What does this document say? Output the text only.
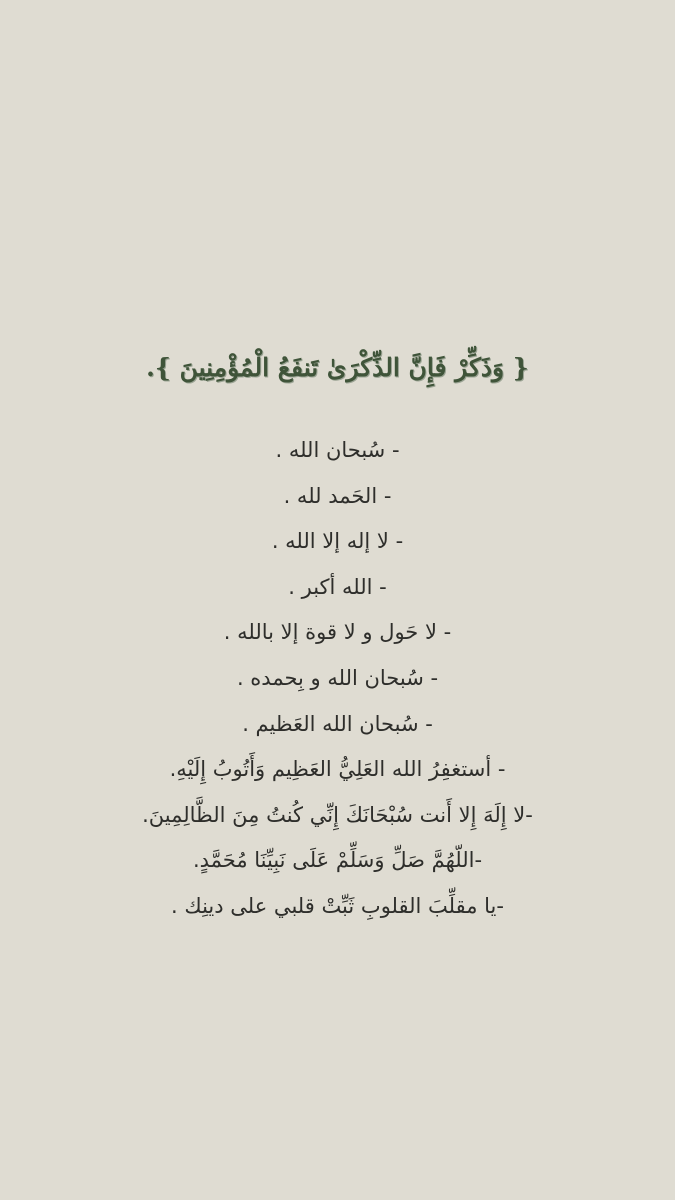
{ وَذَكِّرْ فَإِنَّ الذِّكْرَىٰ تَنفَعُ الْمُؤْمِنِينَ }.
- سُبحان الله .
- الحَمد لله .
- لا إله إلا الله .
- الله أكبر .
- لا حَول و لا قوة إلا بالله .
- سُبحان الله و بِحمده .
- سُبحان الله العَظيم .
- أستغفِرُ الله العَلِيُّ العَظِيم وَأَتُوبُ إِلَيْهِ.
-لا إِلَهَ إِلا أَنت سُبْحَانَكَ إِنِّي كُنتُ مِنَ الظَّالِمِينَ.
-اللّهُمَّ صَلِّ وَسَلِّمْ عَلَى نَبِيِّنَا مُحَمَّدٍ.
-يا مقلِّبَ القلوبِ ثَبِّتْ قلبي على دينِك .
